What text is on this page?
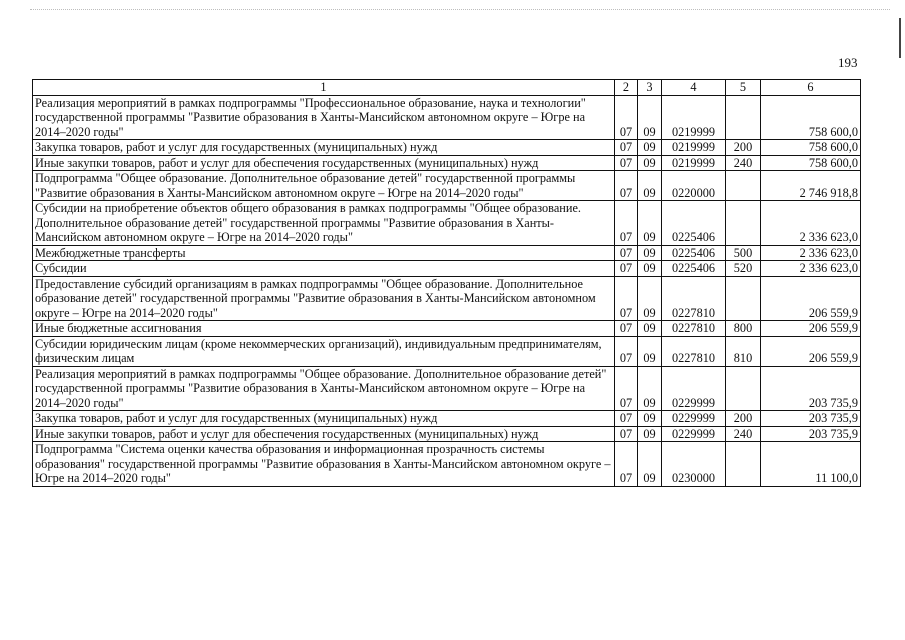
193
1	2	3	4	5	6
Реализация мероприятий в рамках подпрограммы "Профессиональное образование, наука и технологии" государственной программы "Развитие образования в Ханты-Мансийском автономном округе – Югре на 2014–2020 годы"	07	09	0219999		758 600,0
Закупка товаров, работ и услуг для государственных (муниципальных) нужд	07	09	0219999	200	758 600,0
Иные закупки товаров, работ и услуг для обеспечения государственных (муниципальных) нужд	07	09	0219999	240	758 600,0
Подпрограмма "Общее образование. Дополнительное образование детей" государственной программы "Развитие образования в Ханты-Мансийском автономном округе – Югре на 2014–2020 годы"	07	09	0220000		2 746 918,8
Субсидии на приобретение объектов общего образования в рамках подпрограммы "Общее образование. Дополнительное образование детей" государственной программы "Развитие образования в Ханты-Мансийском автономном округе – Югре на 2014–2020 годы"	07	09	0225406		2 336 623,0
Межбюджетные трансферты	07	09	0225406	500	2 336 623,0
Субсидии	07	09	0225406	520	2 336 623,0
Предоставление субсидий организациям в рамках подпрограммы "Общее образование. Дополнительное образование детей" государственной программы "Развитие образования в Ханты-Мансийском автономном округе – Югре на 2014–2020 годы"	07	09	0227810		206 559,9
Иные бюджетные ассигнования	07	09	0227810	800	206 559,9
Субсидии юридическим лицам (кроме некоммерческих организаций), индивидуальным предпринимателям, физическим лицам	07	09	0227810	810	206 559,9
Реализация мероприятий в рамках подпрограммы "Общее образование. Дополнительное образование детей" государственной программы "Развитие образования в Ханты-Мансийском автономном округе – Югре на 2014–2020 годы"	07	09	0229999		203 735,9
Закупка товаров, работ и услуг для государственных (муниципальных) нужд	07	09	0229999	200	203 735,9
Иные закупки товаров, работ и услуг для обеспечения государственных (муниципальных) нужд	07	09	0229999	240	203 735,9
Подпрограмма "Система оценки качества образования и информационная прозрачность системы образования" государственной программы "Развитие образования в Ханты-Мансийском автономном округе – Югре на 2014–2020 годы"	07	09	0230000		11 100,0
